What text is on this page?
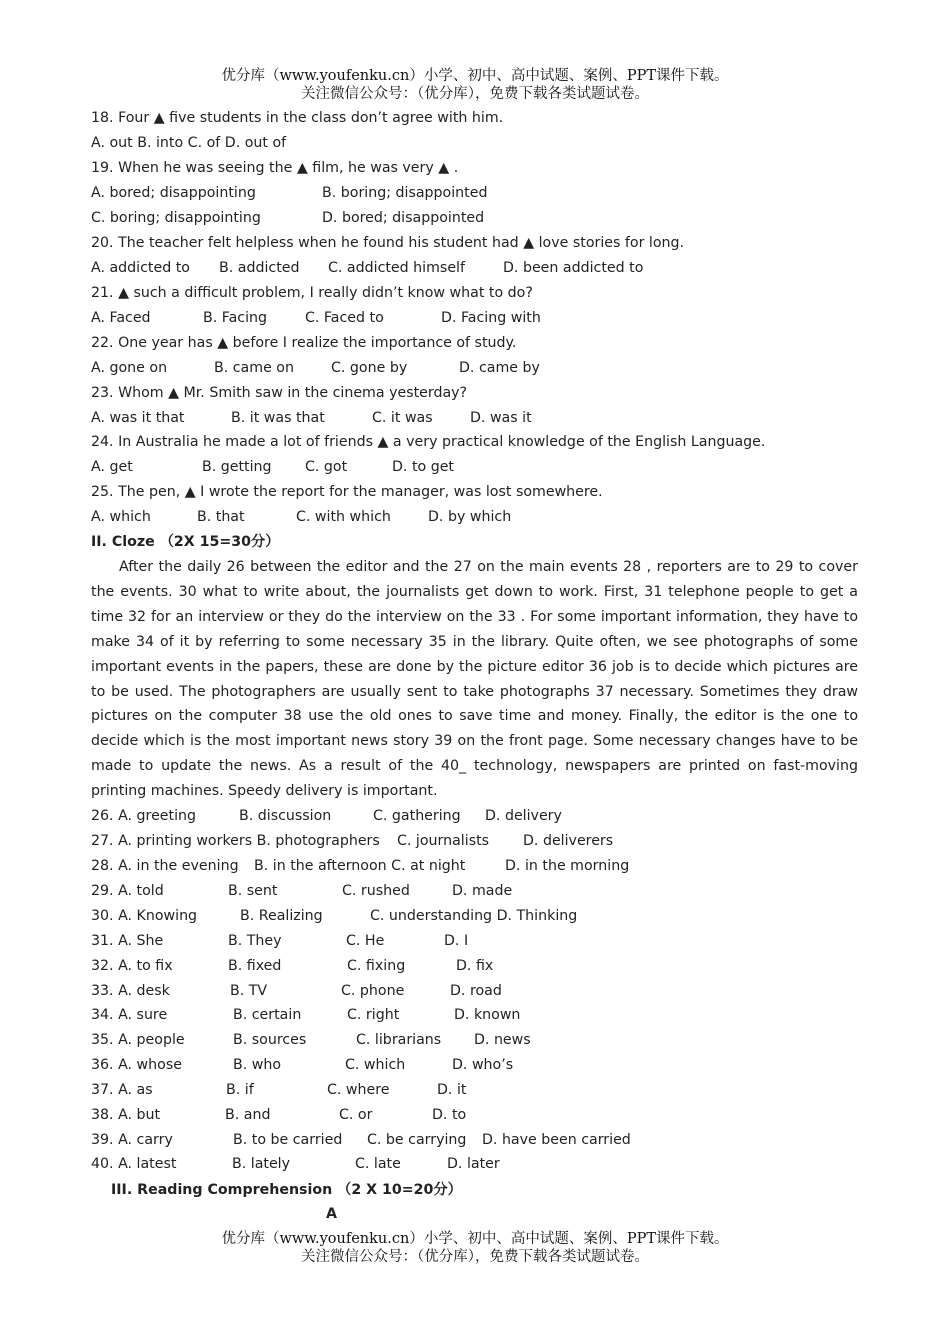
优分库（www.youfenku.cn）小学、初中、高中试题、案例、PPT课件下载。
关注微信公众号：（优分库），免费下载各类试题试卷。
18. Four ▲ five students in the class don’t agree with him.
A. out B. into C. of D. out of
19. When he was seeing the ▲ film, he was very ▲ .
A. bored; disappointing	B. boring; disappointed
C. boring; disappointing	D. bored; disappointed
20. The teacher felt helpless when he found his student had ▲ love stories for long.
A. addicted to B. addicted C. addicted himself	D. been addicted to
21. ▲ such a difficult problem, I really didn’t know what to do?
A. Faced	B. Facing	C. Faced to	D. Facing with
22. One year has ▲ before I realize the importance of study.
A. gone on	B. came on	C. gone by	D. came by
23. Whom ▲ Mr. Smith saw in the cinema yesterday?
A. was it that	B. it was that	C. it was	D. was it
24. In Australia he made a lot of friends ▲ a very practical knowledge of the English Language.
A. get	B. getting C. got	D. to get
25. The pen, ▲ I wrote the report for the manager, was lost somewhere.
A. which	B. that	C. with which	D. by which
II. Cloze （2X 15=30分）

After the daily 26 between the editor and the 27 on the main events 28 , reporters are to 29 to cover the events. 30 what to write about, the journalists get down to work. First, 31 telephone people to get a time 32 for an interview or they do the interview on the 33 . For some important information, they have to make 34 of it by referring to some necessary 35 in the library. Quite often, we see photographs of some important events in the papers, these are done by the picture editor 36 job is to decide which pictures are to be used. The photographers are usually sent to take photographs 37 necessary. Sometimes they draw pictures on the computer 38 use the old ones to save time and money. Finally, the editor is the one to decide which is the most important news story 39 on the front page. Some necessary changes have to be made to update the news. As a result of the 40_ technology, newspapers are printed on fast-moving printing machines. Speedy delivery is important.

26. A. greeting	B. discussion	C. gathering D. delivery
27. A. printing workers B. photographers C. journalists D. deliverers
28. A. in the evening B. in the afternoon C. at night	D. in the morning
29. A. told	B. sent	C. rushed	D. made
30. A. Knowing	B. Realizing	C. understanding D. Thinking
31. A. She	B. They	C. He	D. I
32. A. to fix	B. fixed	C. fixing	D. fix
33. A. desk	B. TV	C. phone	D. road
34. A. sure	B. certain	C. right	D. known
35. A. people	B. sources	C. librarians D. news
36. A. whose	B. who	C. which	D. who’s
37. A. as	B. if	C. where	D. it
38. A. but	B. and	C. or	D. to
39. A. carry	B. to be carried C. be carrying D. have been carried
40. A. latest	B. lately	C. late	D. later
III. Reading Comprehension （2 X 10=20分）
A
优分库（www.youfenku.cn）小学、初中、高中试题、案例、PPT课件下载。
关注微信公众号：（优分库），免费下载各类试题试卷。
